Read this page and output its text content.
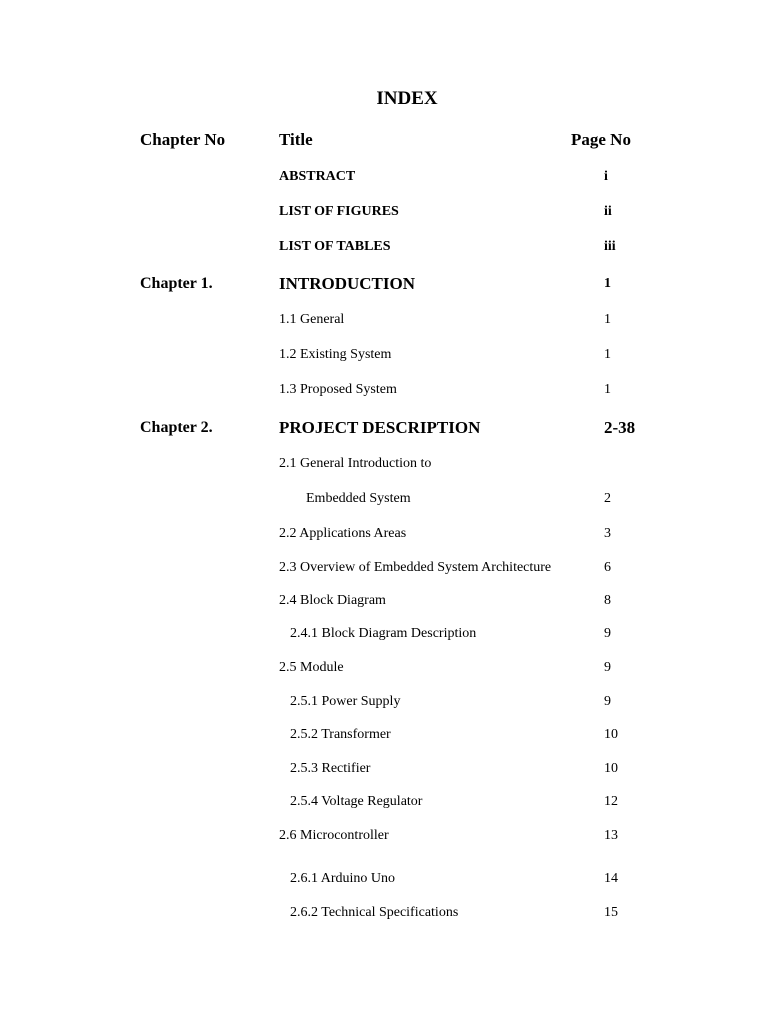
INDEX
Chapter No	Title	Page No
ABSTRACT	i
LIST OF FIGURES	ii
LIST OF TABLES	iii
Chapter 1.	INTRODUCTION	1
1.1 General	1
1.2 Existing System	1
1.3 Proposed System	1
Chapter 2.	PROJECT DESCRIPTION	2-38
2.1 General Introduction to
Embedded System	2
2.2 Applications Areas	3
2.3 Overview of Embedded System Architecture	6
2.4 Block Diagram	8
2.4.1 Block Diagram Description	9
2.5 Module	9
2.5.1 Power Supply	9
2.5.2 Transformer	10
2.5.3 Rectifier	10
2.5.4 Voltage Regulator	12
2.6 Microcontroller	13
2.6.1 Arduino Uno	14
2.6.2 Technical Specifications	15
